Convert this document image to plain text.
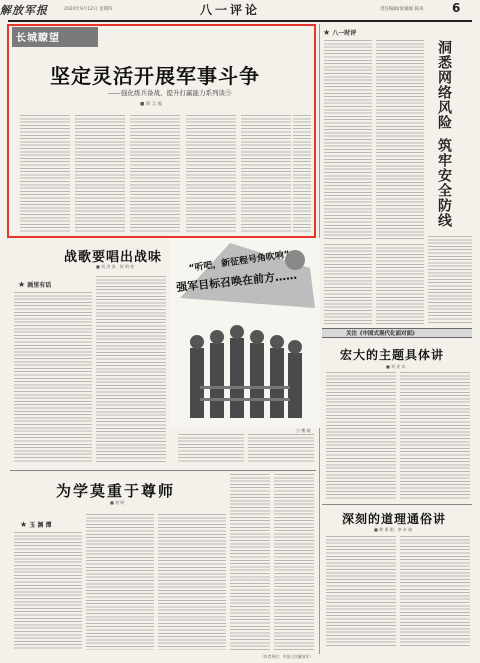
解放军报	2024年9月12日 星期四	八一评论	责任编辑/张媛媛 陈涛 6
长城瞭望
坚定灵活开展军事斗争
——强化练兵备战、提升打赢能力系列谈⑤
■ 刘 云 福
★ 八一时评
洞悉网络风险
筑牢安全防线
关注《中国式现代化面对面》
宏大的主题具体讲
■ 刘 亚 东
深刻的道理通俗讲
■ 黄 勇 刚　李 卓 瑞
战歌要唱出战味
■ 刘 洪 涛　何 明 亮
★ 画里有话
“听吧，新征程号角吹响”
强军目标召唤在前方……
小 鹰 画
为学莫重于尊师
■ 刘 明
★ 玉 渊 潭
（作者单位：中国人民解放军）
